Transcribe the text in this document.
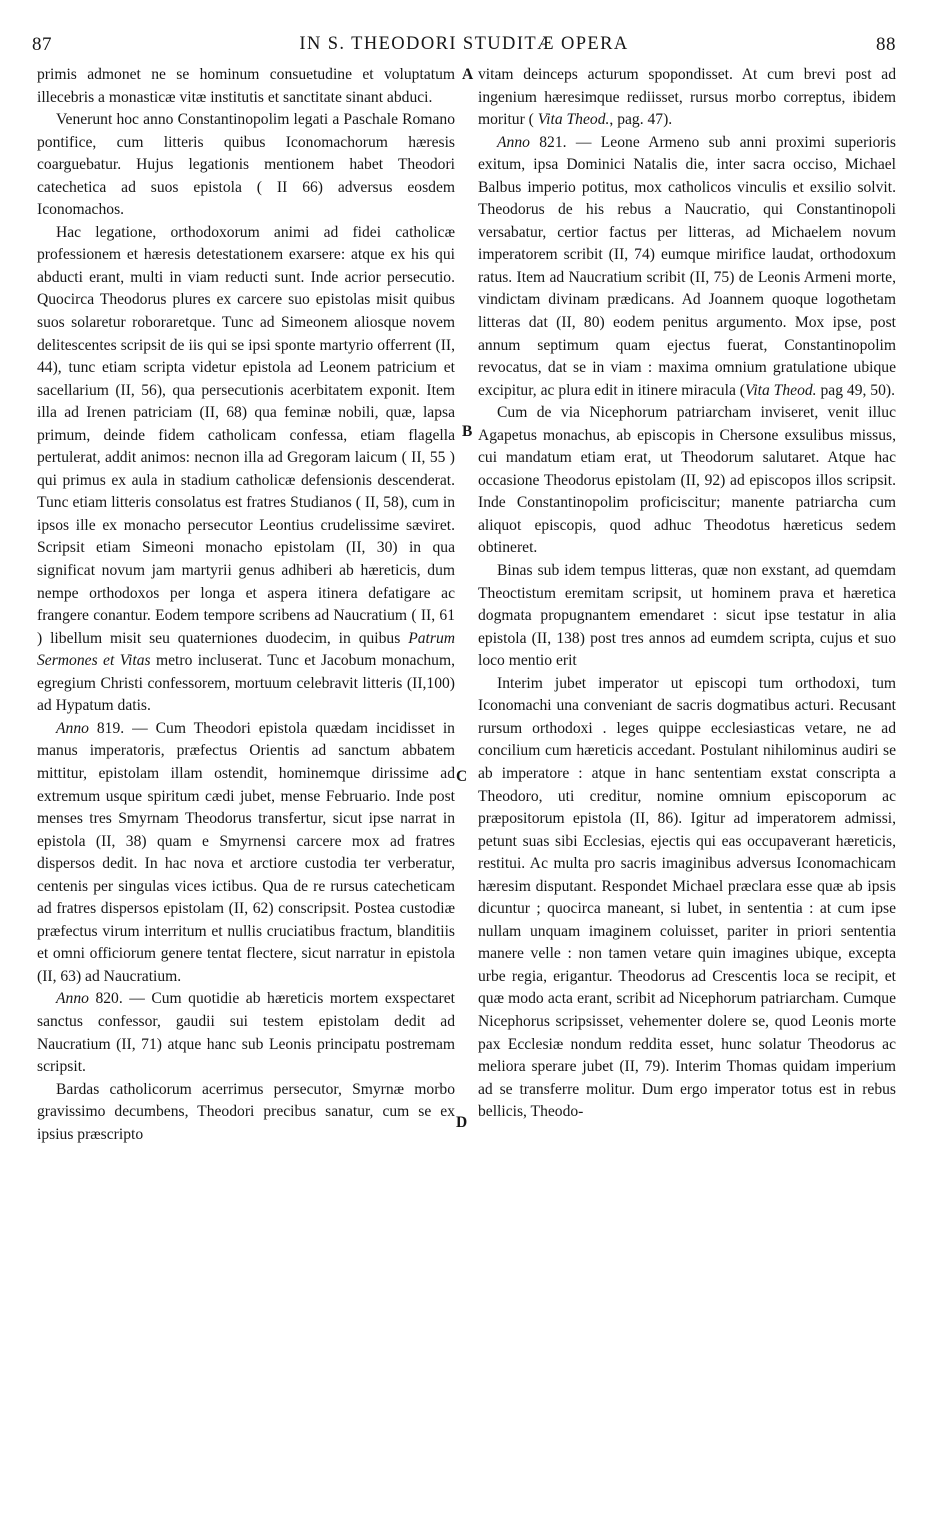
87	IN S. THEODORI STUDITÆ OPERA	88

primis admonet ne se hominum consuetudine et voluptatum illecebris a monasticæ vitæ institutis et sanctitate sinant abduci.

Venerunt hoc anno Constantinopolim legati a Paschale Romano pontifice, cum litteris quibus Iconomachorum hæresis coarguebatur. Hujus legationis mentionem habet Theodori catechetica ad suos epistola ( II 66) adversus eosdem Iconomachos.

Hac legatione, orthodoxorum animi ad fidei catholicæ professionem et hæresis detestationem exarsere: atque ex his qui abducti erant, multi in viam reducti sunt. Inde acrior persecutio. Quocirca Theodorus plures ex carcere suo epistolas misit quibus suos solaretur roboraretque. Tunc ad Simeonem aliosque novem delitescentes scripsit de iis qui se ipsi sponte martyrio offerrent (II, 44), tunc etiam scripta videtur epistola ad Leonem patricium et sacellarium (II, 56), qua persecutionis acerbitatem exponit. Item illa ad Irenen patriciam (II, 68) qua feminæ nobili, quæ, lapsa primum, deinde fidem catholicam confessa, etiam flagella pertulerat, addit animos: necnon illa ad Gregoram laicum ( II, 55 ) qui primus ex aula in stadium catholicæ defensionis descenderat. Tunc etiam litteris consolatus est fratres Studianos ( II, 58), cum in ipsos ille ex monacho persecutor Leontius crudelissime sæviret. Scripsit etiam Simeoni monacho epistolam (II, 30) in qua significat novum jam martyrii genus adhiberi ab hæreticis, dum nempe orthodoxos per longa et aspera itinera defatigare ac frangere conantur. Eodem tempore scribens ad Naucratium ( II, 61 ) libellum misit seu quaterniones duodecim, in quibus Patrum Sermones et Vitas metro incluserat. Tunc et Jacobum monachum, egregium Christi confessorem, mortuum celebravit litteris (II,100) ad Hypatum datis.

Anno 819. — Cum Theodori epistola quædam incidisset in manus imperatoris, præfectus Orientis ad sanctum abbatem mittitur, epistolam illam ostendit, hominemque dirissime ad extremum usque spiritum cædi jubet, mense Februario. Inde post menses tres Smyrnam Theodorus transfertur, sicut ipse narrat in epistola (II, 38) quam e Smyrnensi carcere mox ad fratres dispersos dedit. In hac nova et arctiore custodia ter verberatur, centenis per singulas vices ictibus. Qua de re rursus catecheticam ad fratres dispersos epistolam (II, 62) conscripsit. Postea custodiæ præfectus virum interritum et nullis cruciatibus fractum, blanditiis et omni officiorum genere tentat flectere, sicut narratur in epistola (II, 63) ad Naucratium.

Anno 820. — Cum quotidie ab hæreticis mortem exspectaret sanctus confessor, gaudii sui testem epistolam dedit ad Naucratium (II, 71) atque hanc sub Leonis principatu postremam scripsit.

Bardas catholicorum acerrimus persecutor, Smyrnæ morbo gravissimo decumbens, Theodori precibus sanatur, cum se ex ipsius præscripto

vitam deinceps acturum spopondisset. At cum brevi post ad ingenium hæresimque rediisset, rursus morbo correptus, ibidem moritur ( Vita Theod., pag. 47).

Anno 821. — Leone Armeno sub anni proximi superioris exitum, ipsa Dominici Natalis die, inter sacra occiso, Michael Balbus imperio potitus, mox catholicos vinculis et exsilio solvit. Theodorus de his rebus a Naucratio, qui Constantinopoli versabatur, certior factus per litteras, ad Michaelem novum imperatorem scribit (II, 74) eumque mirifice laudat, orthodoxum ratus. Item ad Naucratium scribit (II, 75) de Leonis Armeni morte, vindictam divinam prædicans. Ad Joannem quoque logothetam litteras dat (II, 80) eodem penitus argumento. Mox ipse, post annum septimum quam ejectus fuerat, Constantinopolim revocatus, dat se in viam : maxima omnium gratulatione ubique excipitur, ac plura edit in itinere miracula (Vita Theod. pag 49, 50).

Cum de via Nicephorum patriarcham inviseret, venit illuc Agapetus monachus, ab episcopis in Chersone exsulibus missus, cui mandatum etiam erat, ut Theodorum salutaret. Atque hac occasione Theodorus epistolam (II, 92) ad episcopos illos scripsit. Inde Constantinopolim proficiscitur; manente patriarcha cum aliquot episcopis, quod adhuc Theodotus hæreticus sedem obtineret.

Binas sub idem tempus litteras, quæ non exstant, ad quemdam Theoctistum eremitam scripsit, ut hominem prava et hæretica dogmata propugnantem emendaret : sicut ipse testatur in alia epistola (II, 138) post tres annos ad eumdem scripta, cujus et suo loco mentio erit

Interim jubet imperator ut episcopi tum orthodoxi, tum Iconomachi una conveniant de sacris dogmatibus acturi. Recusant rursum orthodoxi . leges quippe ecclesiasticas vetare, ne ad concilium cum hæreticis accedant. Postulant nihilominus audiri se ab imperatore : atque in hanc sententiam exstat conscripta a Theodoro, uti creditur, nomine omnium episcoporum ac præpositorum epistola (II, 86). Igitur ad imperatorem admissi, petunt suas sibi Ecclesias, ejectis qui eas occupaverant hæreticis, restitui. Ac multa pro sacris imaginibus adversus Iconomachicam hæresim disputant. Respondet Michael præclara esse quæ ab ipsis dicuntur ; quocirca maneant, si lubet, in sententia : at cum ipse nullam unquam imaginem coluisset, pariter in priori sententia manere velle : non tamen vetare quin imagines ubique, excepta urbe regia, erigantur. Theodorus ad Crescentis loca se recipit, et quæ modo acta erant, scribit ad Nicephorum patriarcham. Cumque Nicephorus scripsisset, vehementer dolere se, quod Leonis morte pax Ecclesiæ nondum reddita esset, hunc solatur Theodorus ac meliora sperare jubet (II, 79). Interim Thomas quidam imperium ad se transferre molitur. Dum ergo imperator totus est in rebus bellicis, Theodo-

A
B
C
D
